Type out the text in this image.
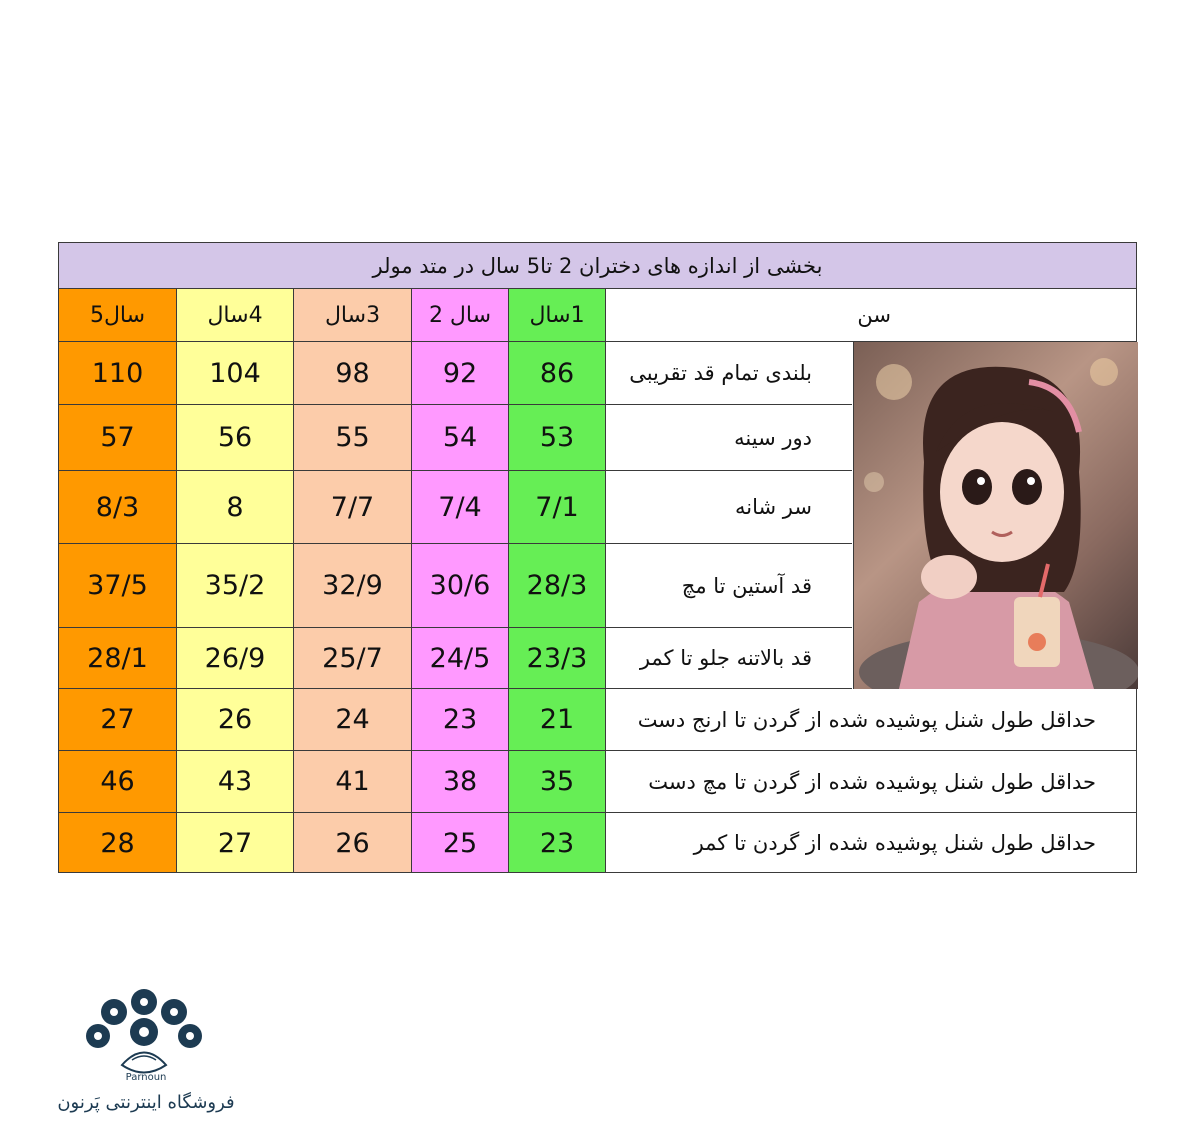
بخشی از اندازه های دختران 2 تا5 سال در متد مولر
سال5
110
57
8/3
37/5
28/1
27
46
28
4سال
104
56
8
35/2
26/9
26
43
27
3سال
98
55
7/7
32/9
25/7
24
41
26
سال 2
92
54
7/4
30/6
24/5
23
38
25
1سال
86
53
7/1
28/3
23/3
21
35
23
سن
بلندی تمام قد تقریبی
دور سینه
سر شانه
قد آستین تا مچ
قد بالاتنه جلو تا کمر
حداقل طول شنل پوشیده شده از گردن تا ارنج دست
حداقل طول شنل پوشیده شده از گردن تا مچ دست
حداقل طول شنل پوشیده شده از گردن تا کمر
Parnoun
فروشگاه اینترنتی پَرنون
